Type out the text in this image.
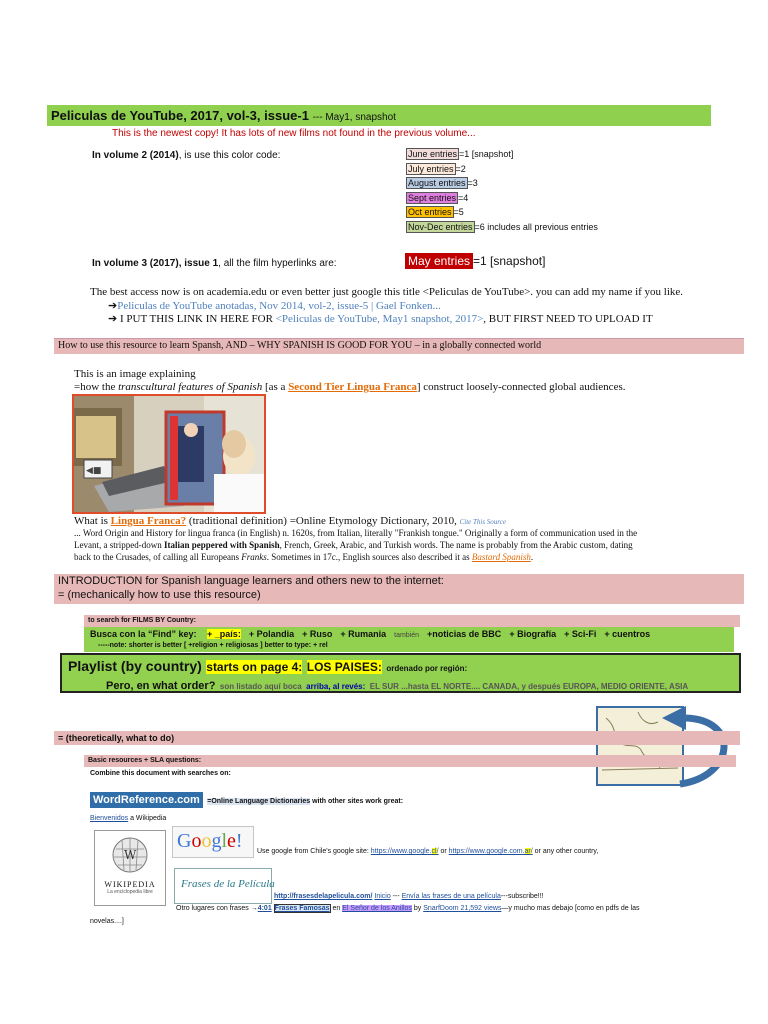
Peliculas de YouTube, 2017, vol-3, issue-1 --- May1, snapshot
This is the newest copy! It has lots of new films not found in the previous volume...
In volume 2 (2014), is use this color code:	June entries =1 [snapshot]
July entries =2
August entries =3
Sept entries =4
Oct entries =5
Nov-Dec entries =6 includes all previous entries
In volume 3 (2017), issue 1, all the film hyperlinks are:	May entries =1 [snapshot]
The best access now is on academia.edu or even better just google this title <Peliculas de YouTube>. you can add my name if you like.
➔Peliculas de YouTube anotadas, Nov 2014, vol-2, issue-5 | Gael Fonken...
➔ I PUT THIS LINK IN HERE FOR <Peliculas de YouTube, May1 snapshot, 2017>, BUT FIRST NEED TO UPLOAD IT
How to use this resource to learn Spansh, AND – WHY SPANISH IS GOOD FOR YOU – in a globally connected world
This is an image explaining
=how the transcultural features of Spanish [as a Second Tier Lingua Franca] construct loosely-connected global audiences.
◀■
What is Lingua Franca? (traditional definition) =Online Etymology Dictionary, 2010, Cite This Source
... Word Origin and History for lingua franca (in English) n. 1620s, from Italian, literally "Frankish tongue." Originally a form of communication used in the
Levant, a stripped-down Italian peppered with Spanish, French, Greek, Arabic, and Turkish words. The name is probably from the Arabic custom, dating
back to the Crusades, of calling all Europeans Franks. Sometimes in 17c., English sources also described it as Bastard Spanish.
INTRODUCTION for Spanish language learners and others new to the internet:
= (mechanically how to use this resource)
to search for FILMS BY Country:
Busca con la “Find” key: + _país: + Polandia + Ruso + Rumania también +noticias de BBC + Biografía + Sci-Fi + cuentros
-----note: shorter is better [ +religion + religiosas ] better to type: + rel
Playlist (by country) starts on page 4: LOS PAISES: ordenado por región:
Pero, en what order? son listado aquí boca arriba, al revés: EL SUR ...hasta EL NORTE.... CANADA, y después EUROPA, MEDIO ORIENTE, ASIA
= (theoretically, what to do)
Basic resources + SLA questions:
Combine this document with searches on:
WordReference.com =Online Language Dictionaries with other sites work great:
Bienvenidos a Wikipedia
W
WIKIPEDIA
La enciclopedia libre
Google! Use google from Chile's google site: https://www.google.cl/ or https://www.google.com.ar/ or any other country,
Frases de la Película
http://frasesdelapelicula.com/ Inicio --- Envía las frases de una película---subscribe!!!
Otro lugares con frases →4:01 Frases Famosas en El Señor de los Anillos by SnarfDoom 21,592 views—y mucho mas debajo [como en pdfs de las
novelas....]
